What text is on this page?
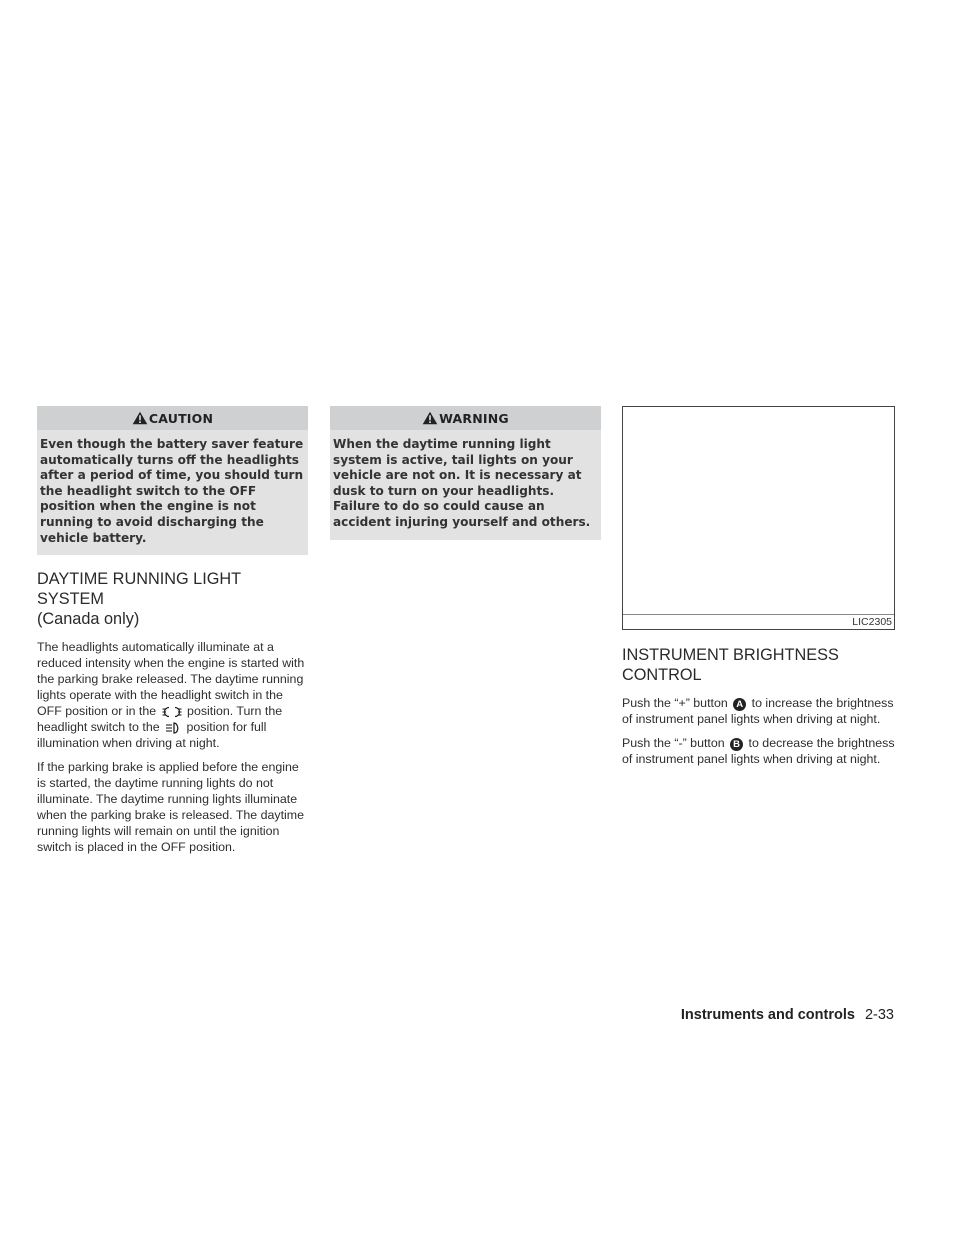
CAUTION
Even though the battery saver feature automatically turns off the headlights after a period of time, you should turn the headlight switch to the OFF position when the engine is not running to avoid discharging the vehicle battery.
DAYTIME RUNNING LIGHT SYSTEM
(Canada only)

The headlights automatically illuminate at a reduced intensity when the engine is started with the parking brake released. The daytime running lights operate with the headlight switch in the OFF position or in the position. Turn the headlight switch to the position for full illumination when driving at night.

If the parking brake is applied before the engine is started, the daytime running lights do not illuminate. The daytime running lights illuminate when the parking brake is released. The daytime running lights will remain on until the ignition switch is placed in the OFF position.

WARNING
When the daytime running light system is active, tail lights on your vehicle are not on. It is necessary at dusk to turn on your headlights. Failure to do so could cause an accident injuring yourself and others.
LIC2305
INSTRUMENT BRIGHTNESS
CONTROL

Push the “+” button A to increase the brightness of instrument panel lights when driving at night.

Push the “-” button B to decrease the brightness of instrument panel lights when driving at night.

Instruments and controls 2-33
